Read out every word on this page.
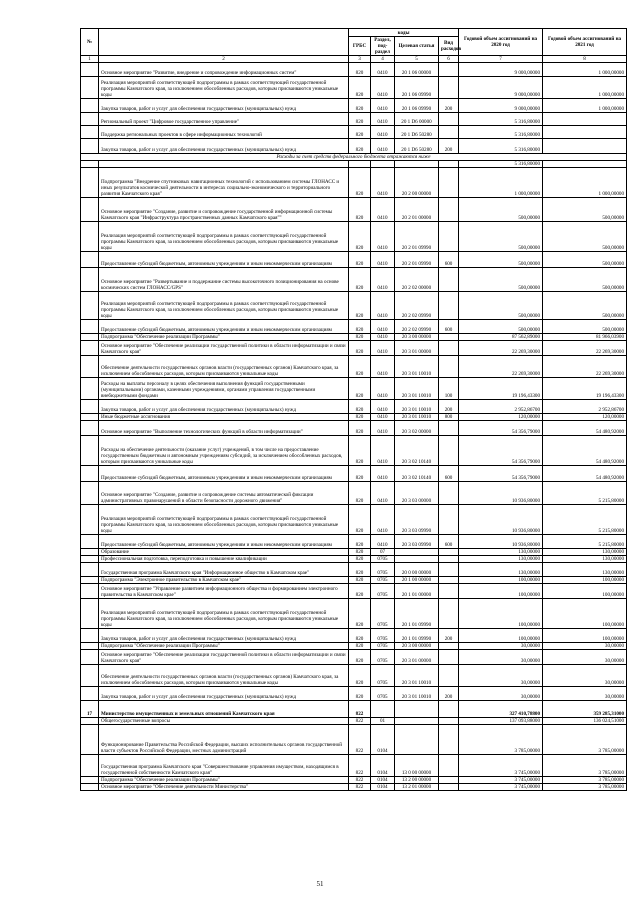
№		коды				Годовой объем ассигнований на 2020 год	Годовой объем ассигнований на 2021 год
		ГРБС	Раздел, под- раздел	Целевая статья	Вид расходов		
1	2	3	4	5	6	7	8
	Основное мероприятие "Развитие, внедрение и сопровождение информационных систем"	820	0410	20 1 06 00000		9 000,00000	1 000,00000
	Реализация мероприятий соответствующей подпрограммы в рамках соответствующей государственной программы Камчатского края, за исключением обособленных расходов, которым присваиваются уникальные коды	820	0410	20 1 06 09990		9 000,00000	1 000,00000
	Закупка товаров, работ и услуг для обеспечения государственных (муниципальных) нужд	820	0410	20 1 06 09990	200	9 000,00000	1 000,00000
	Региональный проект "Цифровое государственное управление"	820	0410	20 1 D6 00000		5 316,80000	
	Поддержка региональных проектов в сфере информационных технологий	820	0410	20 1 D6 50280		5 316,80000	
	Закупка товаров, работ и услуг для обеспечения государственных (муниципальных) нужд	820	0410	20 1 D6 50280	200	5 316,80000	
Расходы за счет средств федерального бюджета отражаются ниже							
						5 316,80000	
	Подпрограмма "Внедрение спутниковых навигационных технологий с использованием системы ГЛОНАСС и иных результатов космической деятельности в интересах социально-экономического и территориального развития Камчатского края"	820	0410	20 2 00 00000		1 000,00000	1 000,00000
	Основное мероприятие "Создание, развитие и сопровождение государственной информационной системы Камчатского края "Инфраструктура пространственных данных Камчатского края""	820	0410	20 2 01 00000		500,00000	500,00000
	Реализация мероприятий соответствующей подпрограммы в рамках соответствующей государственной программы Камчатского края, за исключением обособленных расходов, которым присваиваются уникальные коды	820	0410	20 2 01 09990		500,00000	500,00000
	Предоставление субсидий бюджетным, автономным учреждениям и иным некоммерческим организациям	820	0410	20 2 01 09990	600	500,00000	500,00000
	Основное мероприятие "Развертывание и поддержание системы высокоточного позиционирования на основе космических систем ГЛОНАСС/GPS"	820	0410	20 2 02 00000		500,00000	500,00000
	Реализация мероприятий соответствующей подпрограммы в рамках соответствующей государственной программы Камчатского края, за исключением обособленных расходов, которым присваиваются уникальные коды	820	0410	20 2 02 09990		500,00000	500,00000
	Предоставление субсидий бюджетным, автономным учреждениям и иным некоммерческим организациям	820	0410	20 2 02 09990	600	500,00000	500,00000
	Подпрограмма "Обеспечение реализации Программы"	820	0410	20 3 00 00000		87 562,89000	81 966,03900
	Основное мероприятие "Обеспечение реализации государственной политики в области информатизации и связи Камчатского края"	820	0410	20 3 01 00000		22 269,30000	22 269,30000
	Обеспечение деятельности государственных органов власти (государственных органов) Камчатского края, за исключением обособленных расходов, которым присваиваются уникальные коды	820	0410	20 3 01 10010		22 269,30000	22 269,30000
	Расходы на выплаты персоналу в целях обеспечения выполнения функций государственными (муниципальными) органами, казенными учреждениями, органами управления государственными внебюджетными фондами	820	0410	20 3 01 10010	100	19 196,43300	19 196,43300
	Закупка товаров, работ и услуг для обеспечения государственных (муниципальных) нужд	820	0410	20 3 01 10010	200	2 952,86700	2 952,86700
	Иные бюджетные ассигнования	820	0410	20 3 01 10010	800	120,00000	120,00000
	Основное мероприятие "Выполнение технологических функций в области информатизации"	820	0410	20 3 02 00000		54 356,79000	54 480,92000
	Расходы на обеспечение деятельности (оказание услуг) учреждений, в том числе на предоставление государственным бюджетным и автономным учреждениям субсидий, за исключением обособленных расходов, которым присваиваются уникальные коды	820	0410	20 3 02 10140		54 356,79000	54 480,92000
	Предоставление субсидий бюджетным, автономным учреждениям и иным некоммерческим организациям	820	0410	20 3 02 10140	600	54 356,79000	54 480,92000
	Основное мероприятие "Создание, развитие и сопровождение системы автоматической фиксации административных правонарушений в области безопасности дорожного движения"	820	0410	20 3 03 00000		10 936,80000	5 215,80000
	Реализация мероприятий соответствующей подпрограммы в рамках соответствующей государственной программы Камчатского края, за исключением обособленных расходов, которым присваиваются уникальные коды	820	0410	20 3 03 09990		10 936,80000	5 215,80000
	Предоставление субсидий бюджетным, автономным учреждениям и иным некоммерческим организациям	820	0410	20 3 03 09990	600	10 936,80000	5 215,80000
	Образование	820	07			130,00000	130,00000
	Профессиональная подготовка, переподготовка и повышение квалификации	820	0705			130,00000	130,00000
	Государственная программа Камчатского края "Информационное общество в Камчатском крае"	820	0705	20 0 00 00000		130,00000	130,00000
	Подпрограмма "Электронное правительство в Камчатском крае"	820	0705	20 1 00 00000		100,00000	100,00000
	Основное мероприятие "Управление развитием информационного общества и формированием электронного правительства в Камчатском крае"	820	0705	20 1 01 00000		100,00000	100,00000
	Реализация мероприятий соответствующей подпрограммы в рамках соответствующей государственной программы Камчатского края, за исключением обособленных расходов, которым присваиваются уникальные коды	820	0705	20 1 01 09990		100,00000	100,00000
	Закупка товаров, работ и услуг для обеспечения государственных (муниципальных) нужд	820	0705	20 1 01 09990	200	100,00000	100,00000
	Подпрограмма "Обеспечение реализации Программы"	820	0705	20 3 00 00000		30,00000	30,00000
	Основное мероприятие "Обеспечение реализации государственной политики в области информатизации и связи Камчатского края"	820	0705	20 3 01 00000		30,00000	30,00000
	Обеспечение деятельности государственных органов власти (государственных органов) Камчатского края, за исключением обособленных расходов, которым присваиваются уникальные коды	820	0705	20 3 01 10010		30,00000	30,00000
	Закупка товаров, работ и услуг для обеспечения государственных (муниципальных) нужд	820	0705	20 3 01 10010	200	30,00000	30,00000
17	Министерство имущественных и земельных отношений Камчатского края	822				327 410,78800	359 285,31000
	Общегосударственные вопросы	822	01			137 093,88000	136 024,51000
	Функционирование Правительства Российской Федерации, высших исполнительных органов государственной власти субъектов Российской Федерации, местных администраций	822	0104			3 785,00000	3 785,00000
	Государственная программа Камчатского края "Совершенствование управления имуществом, находящимся в государственной собственности Камчатского края"	822	0104	13 0 00 00000		3 745,00000	3 785,00000
	Подпрограмма "Обеспечение реализации Программы"	822	0104	13 2 00 00000		3 745,00000	3 785,00000
	Основное мероприятие "Обеспечение деятельности Министерства"	822	0104	13 2 01 00000		3 745,00000	3 785,00000
51
